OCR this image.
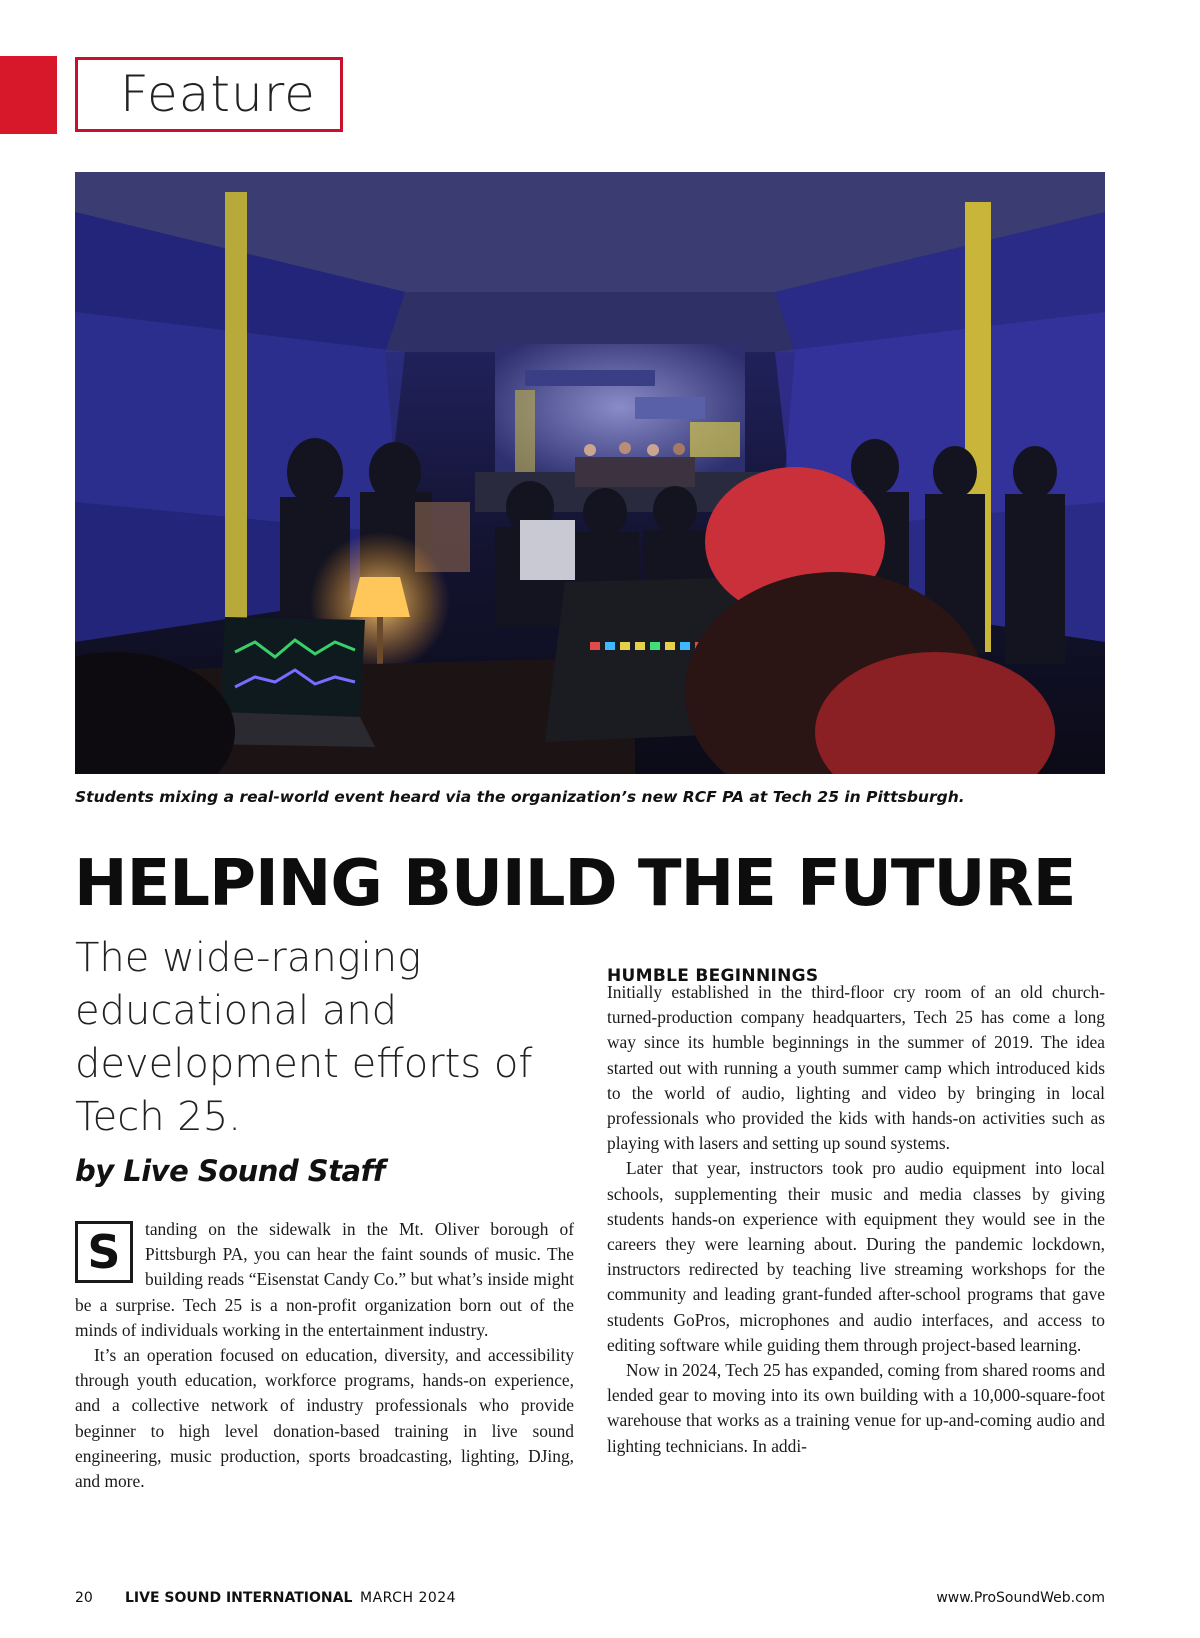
Feature
Students mixing a real-world event heard via the organization’s new RCF PA at Tech 25 in Pittsburgh.
HELPING BUILD THE FUTURE
The wide-ranging educational and development efforts of Tech 25.
by Live Sound Staff
S	tanding on the sidewalk in the Mt. Oliver borough of Pittsburgh PA, you can hear the faint sounds of music. The building reads “Eisenstat Candy Co.” but what’s inside might be a surprise. Tech 25 is a non-profit organization born out of the minds of individuals working in the entertainment industry.

It’s an operation focused on education, diversity, and accessibility through youth education, workforce programs, hands-on experience, and a collective network of industry professionals who provide beginner to high level donation-based training in live sound engineering, music production, sports broadcasting, lighting, DJing, and more.

HUMBLE BEGINNINGS

Initially established in the third-floor cry room of an old church-turned-production company headquarters, Tech 25 has come a long way since its humble beginnings in the summer of 2019. The idea started out with running a youth summer camp which introduced kids to the world of audio, lighting and video by bringing in local professionals who provided the kids with hands-on activities such as playing with lasers and setting up sound systems.

Later that year, instructors took pro audio equipment into local schools, supplementing their music and media classes by giving students hands-on experience with equipment they would see in the careers they were learning about. During the pandemic lockdown, instructors redirected by teaching live streaming workshops for the community and leading grant-funded after-school programs that gave students GoPros, microphones and audio interfaces, and access to editing software while guiding them through project-based learning.

Now in 2024, Tech 25 has expanded, coming from shared rooms and lended gear to moving into its own building with a 10,000-square-foot warehouse that works as a training venue for up-and-coming audio and lighting technicians. In addi-

20 LIVE SOUND INTERNATIONAL MARCH 2024	www.ProSoundWeb.com
